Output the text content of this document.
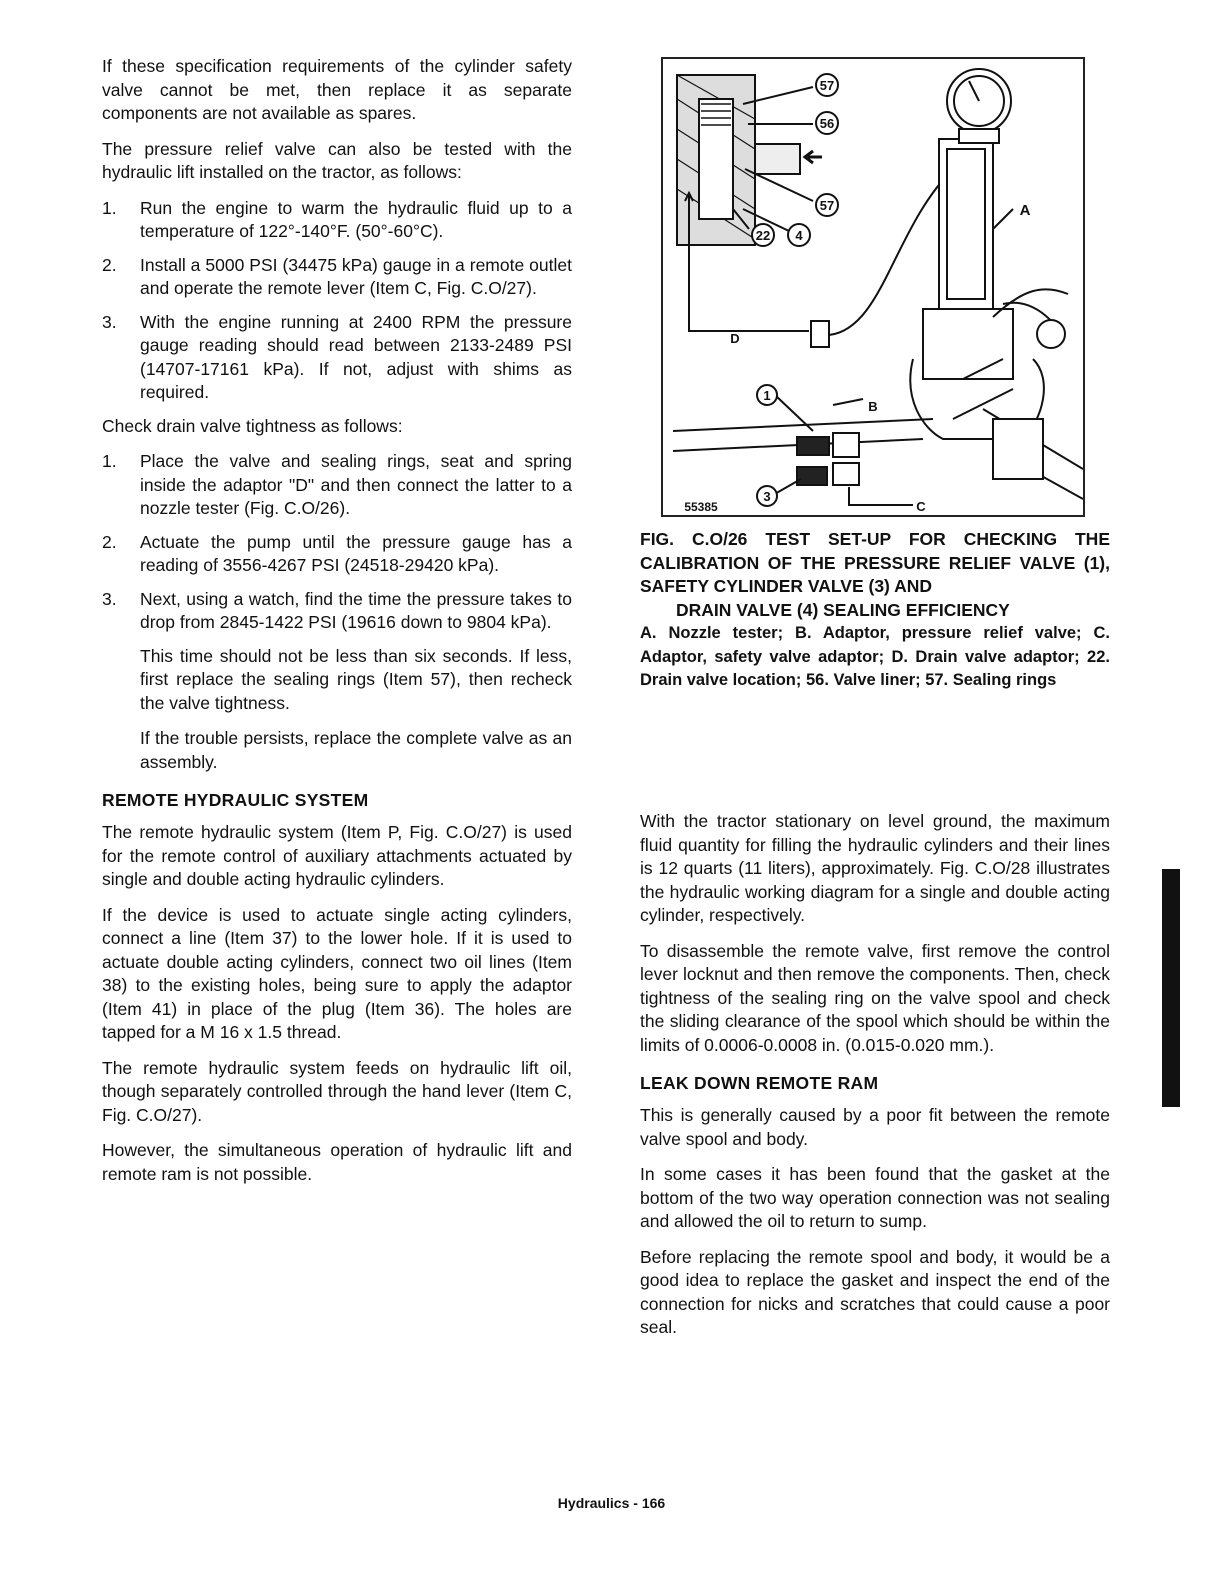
If these specification requirements of the cylinder safety valve cannot be met, then replace it as separate components are not available as spares.

The pressure relief valve can also be tested with the hydraulic lift installed on the tractor, as follows:

1. Run the engine to warm the hydraulic fluid up to a temperature of 122°-140°F. (50°-60°C).
2. Install a 5000 PSI (34475 kPa) gauge in a remote outlet and operate the remote lever (Item C, Fig. C.O/27).
3. With the engine running at 2400 RPM the pressure gauge reading should read between 2133-2489 PSI (14707-17161 kPa). If not, adjust with shims as required.

Check drain valve tightness as follows:

1. Place the valve and sealing rings, seat and spring inside the adaptor "D" and then connect the latter to a nozzle tester (Fig. C.O/26).
2. Actuate the pump until the pressure gauge has a reading of 3556-4267 PSI (24518-29420 kPa).
3. Next, using a watch, find the time the pressure takes to drop from 2845-1422 PSI (19616 down to 9804 kPa).

This time should not be less than six seconds. If less, first replace the sealing rings (Item 57), then recheck the valve tightness.

If the trouble persists, replace the complete valve as an assembly.

REMOTE HYDRAULIC SYSTEM

The remote hydraulic system (Item P, Fig. C.O/27) is used for the remote control of auxiliary attachments actuated by single and double acting hydraulic cylinders.

If the device is used to actuate single acting cylinders, connect a line (Item 37) to the lower hole. If it is used to actuate double acting cylinders, connect two oil lines (Item 38) to the existing holes, being sure to apply the adaptor (Item 41) in place of the plug (Item 36). The holes are tapped for a M 16 x 1.5 thread.

The remote hydraulic system feeds on hydraulic lift oil, though separately controlled through the hand lever (Item C, Fig. C.O/27).

However, the simultaneous operation of hydraulic lift and remote ram is not possible.

57
56
57
22 4
1
3
D
B
C
A
55385

FIG. C.O/26 TEST SET-UP FOR CHECKING THE CALIBRATION OF THE PRESSURE RELIEF VALVE (1), SAFETY CYLINDER VALVE (3) AND

DRAIN VALVE (4) SEALING EFFICIENCY

A. Nozzle tester; B. Adaptor, pressure relief valve; C. Adaptor, safety valve adaptor; D. Drain valve adaptor; 22. Drain valve location; 56. Valve liner; 57. Sealing rings

With the tractor stationary on level ground, the maximum fluid quantity for filling the hydraulic cylinders and their lines is 12 quarts (11 liters), approximately. Fig. C.O/28 illustrates the hydraulic working diagram for a single and double acting cylinder, respectively.

To disassemble the remote valve, first remove the control lever locknut and then remove the components. Then, check tightness of the sealing ring on the valve spool and check the sliding clearance of the spool which should be within the limits of 0.0006-0.0008 in. (0.015-0.020 mm.).

LEAK DOWN REMOTE RAM

This is generally caused by a poor fit between the remote valve spool and body.

In some cases it has been found that the gasket at the bottom of the two way operation connection was not sealing and allowed the oil to return to sump.

Before replacing the remote spool and body, it would be a good idea to replace the gasket and inspect the end of the connection for nicks and scratches that could cause a poor seal.

Hydraulics - 166
